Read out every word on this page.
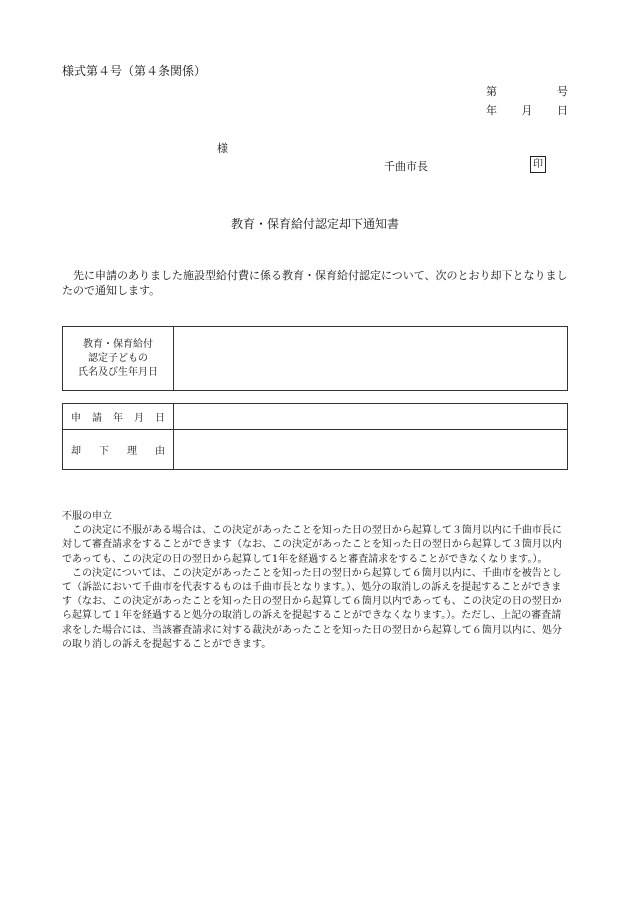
様式第４号（第４条関係）
第	号
年 月 日
様
千曲市長	印
教育・保育給付認定却下通知書
先に申請のありました施設型給付費に係る教育・保育給付認定について、次のとおり却下となりましたので通知します。
教育・保育給付
認定子どもの
氏名及び生年月日

申 請 年 月 日	

却 下 理 由	

不服の申立

この決定に不服がある場合は、この決定があったことを知った日の翌日から起算して３箇月以内に千曲市長に対して審査請求をすることができます（なお、この決定があったことを知った日の翌日から起算して３箇月以内であっても、この決定の日の翌日から起算して1年を経過すると審査請求をすることができなくなります。）。

この決定については、この決定があったことを知った日の翌日から起算して６箇月以内に、千曲市を被告として（訴訟において千曲市を代表するものは千曲市長となります。）、処分の取消しの訴えを提起することができます（なお、この決定があったことを知った日の翌日から起算して６箇月以内であっても、この決定の日の翌日から起算して１年を経過すると処分の取消しの訴えを提起することができなくなります。）。ただし、上記の審査請求をした場合には、当該審査請求に対する裁決があったことを知った日の翌日から起算して６箇月以内に、処分の取り消しの訴えを提起することができます。
